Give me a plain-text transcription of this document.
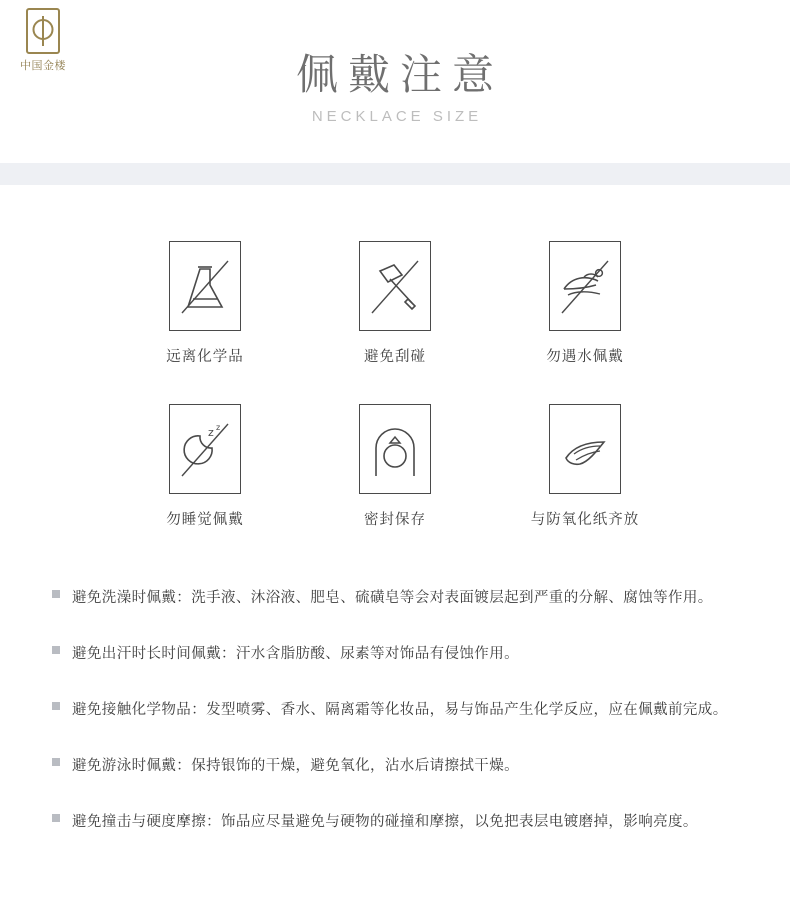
中国金楼	佩戴注意

NECKLACE SIZE

远离化学品	避免刮碰	勿遇水佩戴
z z
勿睡觉佩戴	密封保存	与防氧化纸齐放
避免洗澡时佩戴：洗手液、沐浴液、肥皂、硫磺皂等会对表面镀层起到严重的分解、腐蚀等作用。
避免出汗时长时间佩戴：汗水含脂肪酸、尿素等对饰品有侵蚀作用。
避免接触化学物品：发型喷雾、香水、隔离霜等化妆品，易与饰品产生化学反应，应在佩戴前完成。
避免游泳时佩戴：保持银饰的干燥，避免氧化，沾水后请擦拭干燥。
避免撞击与硬度摩擦：饰品应尽量避免与硬物的碰撞和摩擦，以免把表层电镀磨掉，影响亮度。
